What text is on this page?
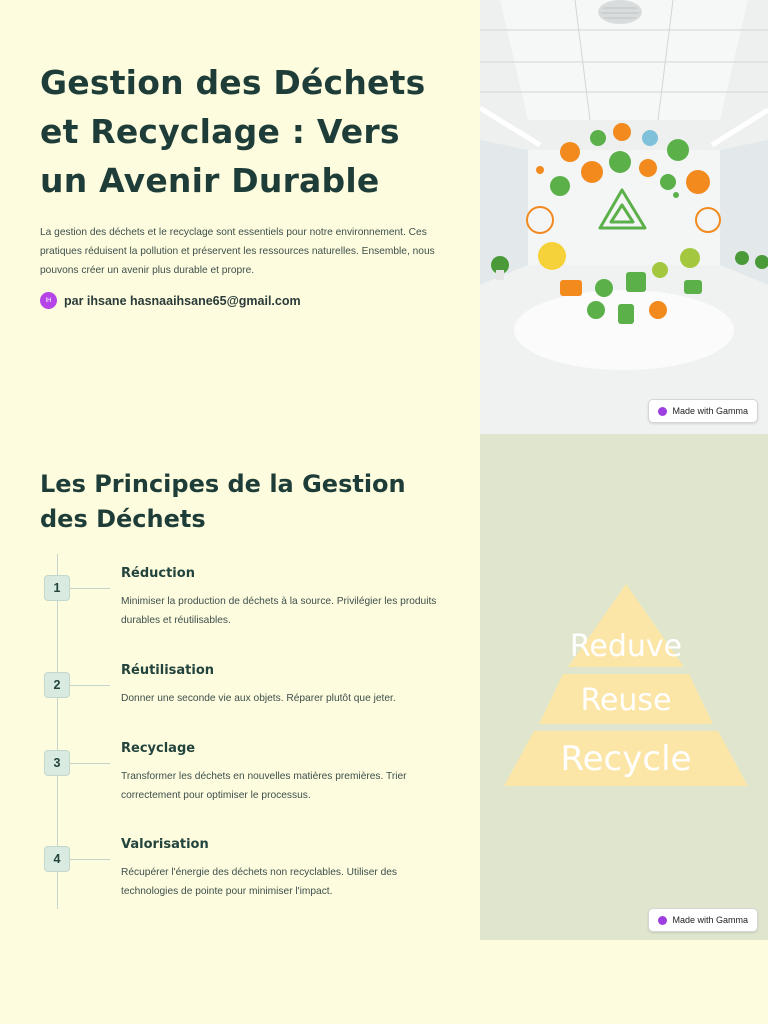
Gestion des Déchets et Recyclage : Vers un Avenir Durable

La gestion des déchets et le recyclage sont essentiels pour notre environnement. Ces pratiques réduisent la pollution et préservent les ressources naturelles. Ensemble, nous pouvons créer un avenir plus durable et propre.

IH	par ihsane hasnaaihsane65@gmail.com
Made with Gamma
Les Principes de la Gestion des Déchets
1
Réduction

Minimiser la production de déchets à la source. Privilégier les produits durables et réutilisables.

2
Réutilisation

Donner une seconde vie aux objets. Réparer plutôt que jeter.

3
Recyclage

Transformer les déchets en nouvelles matières premières. Trier correctement pour optimiser le processus.

4
Valorisation

Récupérer l'énergie des déchets non recyclables. Utiliser des technologies de pointe pour minimiser l'impact.

Reduve
Reuse
Recycle
Made with Gamma
